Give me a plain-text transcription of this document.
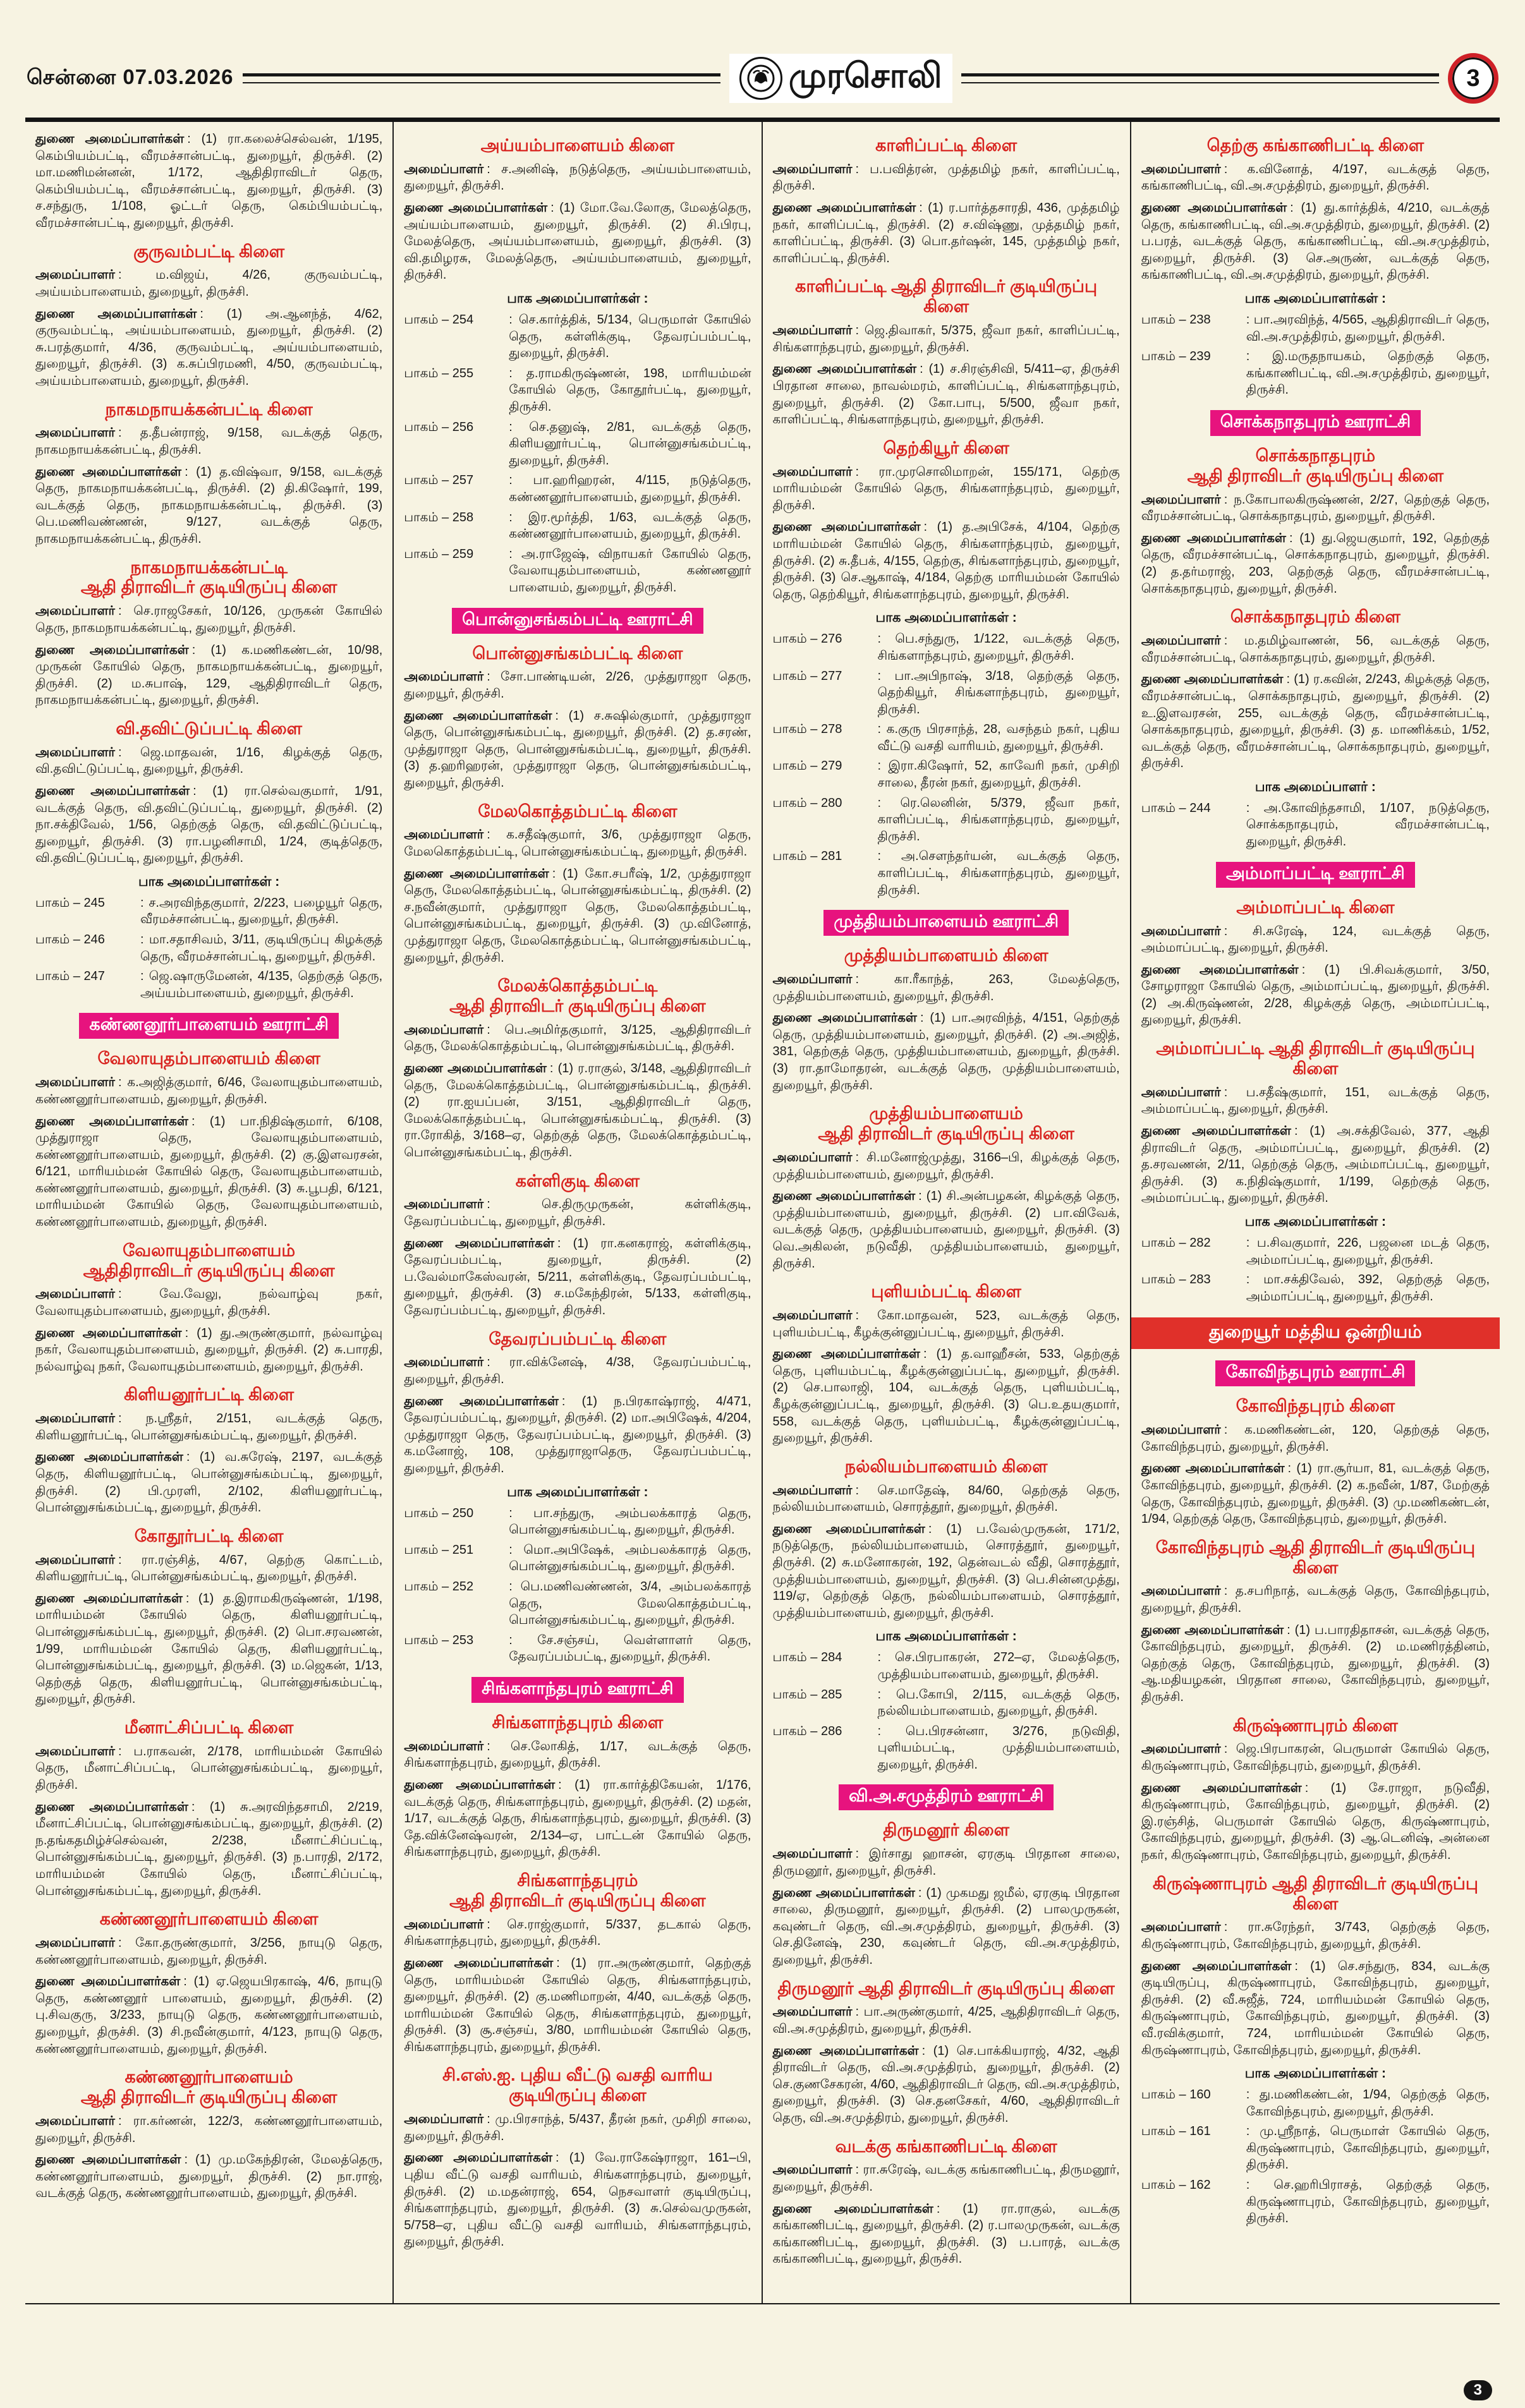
சென்னை 07.03.2026	முரசொலி	3

துணை அமைப்பாளர்கள் : (1) ரா.கலைச்செல்வன், 1/195, கெம்பியம்பட்டி, வீரமச்சான்பட்டி, துறையூர், திருச்சி. (2) மா.மணிமன்னன், 1/172, ஆதிதிராவிடர் தெரு, கெம்பியம்பட்டி, வீரமச்சான்பட்டி, துறையூர், திருச்சி. (3) ச.சந்துரு, 1/108, ஓட்டர் தெரு, கெம்பியம்பட்டி, வீரமச்சான்பட்டி, துறையூர், திருச்சி.

குருவம்பட்டி கிளை

அமைப்பாளர் : ம.விஜய், 4/26, குருவம்பட்டி, அய்யம்பாளையம், துறையூர், திருச்சி.

துணை அமைப்பாளர்கள் : (1) அ.ஆனந்த், 4/62, குருவம்பட்டி, அய்யம்பாளையம், துறையூர், திருச்சி. (2) சு.பரத்குமார், 4/36, குருவம்பட்டி, அய்யம்பாளையம், துறையூர், திருச்சி. (3) க.சுப்பிரமணி, 4/50, குருவம்பட்டி, அய்யம்பாளையம், துறையூர், திருச்சி.

நாகமநாயக்கன்பட்டி கிளை

அமைப்பாளர் : த.தீபன்ராஜ், 9/158, வடக்குத் தெரு, நாகமநாயக்கன்பட்டி, திருச்சி.

துணை அமைப்பாளர்கள் : (1) த.விஷ்வா, 9/158, வடக்குத் தெரு, நாகமநாயக்கன்பட்டி, திருச்சி. (2) தி.கிஷோர், 199, வடக்குத் தெரு, நாகமநாயக்கன்பட்டி, திருச்சி. (3) பெ.மணிவண்ணன், 9/127, வடக்குத் தெரு, நாகமநாயக்கன்பட்டி, திருச்சி.

நாகமநாயக்கன்பட்டி
ஆதி திராவிடர் குடியிருப்பு கிளை

அமைப்பாளர் : செ.ராஜசேகர், 10/126, முருகன் கோயில் தெரு, நாகமநாயக்கன்பட்டி, துறையூர், திருச்சி.

துணை அமைப்பாளர்கள் : (1) க.மணிகண்டன், 10/98, முருகன் கோயில் தெரு, நாகமநாயக்கன்பட்டி, துறையூர், திருச்சி. (2) ம.சுபாஷ், 129, ஆதிதிராவிடர் தெரு, நாகமநாயக்கன்பட்டி, துறையூர், திருச்சி.

வி.தவிட்டுப்பட்டி கிளை

அமைப்பாளர் : ஜெ.மாதவன், 1/16, கிழக்குத் தெரு, வி.தவிட்டுப்பட்டி, துறையூர், திருச்சி.

துணை அமைப்பாளர்கள் : (1) ரா.செல்வகுமார், 1/91, வடக்குத் தெரு, வி.தவிட்டுப்பட்டி, துறையூர், திருச்சி. (2) நா.சக்திவேல், 1/56, தெற்குத் தெரு, வி.தவிட்டுப்பட்டி, துறையூர், திருச்சி. (3) ரா.பழனிசாமி, 1/24, குடித்தெரு, வி.தவிட்டுப்பட்டி, துறையூர், திருச்சி.

பாக அமைப்பாளர்கள் :
பாகம் – 245	: ச.அரவிந்தகுமார், 2/223, பழையூர் தெரு, வீரமச்சான்பட்டி, துறையூர், திருச்சி.
பாகம் – 246	: மா.சதாசிவம், 3/11, குடியிருப்பு கிழக்குத் தெரு, வீரமச்சான்பட்டி, துறையூர், திருச்சி.
பாகம் – 247	: ஜெ.ஷாருமேனன், 4/135, தெற்குத் தெரு, அய்யம்பாளையம், துறையூர், திருச்சி.
கண்ணனூர்பாளையம் ஊராட்சி
வேலாயுதம்பாளையம் கிளை

அமைப்பாளர் : க.அஜித்குமார், 6/46, வேலாயுதம்பாளையம், கண்ணனூர்பாளையம், துறையூர், திருச்சி.

துணை அமைப்பாளர்கள் : (1) பா.நிதிஷ்குமார், 6/108, முத்துராஜா தெரு, வேலாயுதம்பாளையம், கண்ணனூர்பாளையம், துறையூர், திருச்சி. (2) கு.இளவரசன், 6/121, மாரியம்மன் கோயில் தெரு, வேலாயுதம்பாளையம், கண்ணனூர்பாளையம், துறையூர், திருச்சி. (3) சு.பூபதி, 6/121, மாரியம்மன் கோயில் தெரு, வேலாயுதம்பாளையம், கண்ணனூர்பாளையம், துறையூர், திருச்சி.

வேலாயுதம்பாளையம்
ஆதிதிராவிடர் குடியிருப்பு கிளை

அமைப்பாளர் : வே.வேலு, நல்வாழ்வு நகர், வேலாயுதம்பாளையம், துறையூர், திருச்சி.

துணை அமைப்பாளர்கள் : (1) து.அருண்குமார், நல்வாழ்வு நகர், வேலாயுதம்பாளையம், துறையூர், திருச்சி. (2) சு.பாரதி, நல்வாழ்வு நகர், வேலாயுதம்பாளையம், துறையூர், திருச்சி.

கிளியனூர்பட்டி கிளை

அமைப்பாளர் : ந.ஸ்ரீதர், 2/151, வடக்குத் தெரு, கிளியனூர்பட்டி, பொன்னுசங்கம்பட்டி, துறையூர், திருச்சி.

துணை அமைப்பாளர்கள் : (1) வ.சுரேஷ், 2197, வடக்குத் தெரு, கிளியனூர்பட்டி, பொன்னுசங்கம்பட்டி, துறையூர், திருச்சி. (2) பி.முரளி, 2/102, கிளியனூர்பட்டி, பொன்னுசங்கம்பட்டி, துறையூர், திருச்சி.

கோதூர்பட்டி கிளை

அமைப்பாளர் : ரா.ரஞ்சித், 4/67, தெற்கு கொட்டம், கிளியனூர்பட்டி, பொன்னுசங்கம்பட்டி, துறையூர், திருச்சி.

துணை அமைப்பாளர்கள் : (1) த.இராமகிருஷ்ணன், 1/198, மாரியம்மன் கோயில் தெரு, கிளியனூர்பட்டி, பொன்னுசங்கம்பட்டி, துறையூர், திருச்சி. (2) பொ.சரவணன், 1/99, மாரியம்மன் கோயில் தெரு, கிளியனூர்பட்டி, பொன்னுசங்கம்பட்டி, துறையூர், திருச்சி. (3) ம.ஜெகன், 1/13, தெற்குத் தெரு, கிளியனூர்பட்டி, பொன்னுசங்கம்பட்டி, துறையூர், திருச்சி.

மீனாட்சிப்பட்டி கிளை

அமைப்பாளர் : ப.ராகவன், 2/178, மாரியம்மன் கோயில் தெரு, மீனாட்சிப்பட்டி, பொன்னுசங்கம்பட்டி, துறையூர், திருச்சி.

துணை அமைப்பாளர்கள் : (1) சு.அரவிந்தசாமி, 2/219, மீனாட்சிப்பட்டி, பொன்னுசங்கம்பட்டி, துறையூர், திருச்சி. (2) ந.தங்கதமிழ்ச்செல்வன், 2/238, மீனாட்சிப்பட்டி, பொன்னுசங்கம்பட்டி, துறையூர், திருச்சி. (3) ந.பாரதி, 2/172, மாரியம்மன் கோயில் தெரு, மீனாட்சிப்பட்டி, பொன்னுசங்கம்பட்டி, துறையூர், திருச்சி.

கண்ணனூர்பாளையம் கிளை

அமைப்பாளர் : கோ.தருண்குமார், 3/256, நாயுடு தெரு, கண்ணனூர்பாளையம், துறையூர், திருச்சி.

துணை அமைப்பாளர்கள் : (1) ஏ.ஜெயபிரகாஷ், 4/6, நாயுடு தெரு, கண்ணனூர் பாளையம், துறையூர், திருச்சி. (2) பு.சிவகுரு, 3/233, நாயுடு தெரு, கண்ணனூர்பாளையம், துறையூர், திருச்சி. (3) சி.நவீன்குமார், 4/123, நாயுடு தெரு, கண்ணனூர்பாளையம், துறையூர், திருச்சி.

கண்ணனூர்பாளையம்
ஆதி திராவிடர் குடியிருப்பு கிளை

அமைப்பாளர் : ரா.கர்ணன், 122/3, கண்ணனூர்பாளையம், துறையூர், திருச்சி.

துணை அமைப்பாளர்கள் : (1) மு.மகேந்திரன், மேலத்தெரு, கண்ணனூர்பாளையம், துறையூர், திருச்சி. (2) நா.ராஜ், வடக்குத் தெரு, கண்ணனூர்பாளையம், துறையூர், திருச்சி.

அய்யம்பாளையம் கிளை

அமைப்பாளர் : ச.அனிஷ், நடுத்தெரு, அய்யம்பாளையம், துறையூர், திருச்சி.

துணை அமைப்பாளர்கள் : (1) மோ.வே.லோகு, மேலத்தெரு, அய்யம்பாளையம், துறையூர், திருச்சி. (2) சி.பிரபு, மேலத்தெரு, அய்யம்பாளையம், துறையூர், திருச்சி. (3) வி.தமிழரசு, மேலத்தெரு, அய்யம்பாளையம், துறையூர், திருச்சி.

பாக அமைப்பாளர்கள் :
பாகம் – 254	: செ.கார்த்திக், 5/134, பெருமாள் கோயில் தெரு, கள்ளிக்குடி, தேவரப்பம்பட்டி, துறையூர், திருச்சி.
பாகம் – 255	: த.ராமகிருஷ்ணன், 198, மாரியம்மன் கோயில் தெரு, கோதூர்பட்டி, துறையூர், திருச்சி.
பாகம் – 256	: செ.தனுஷ், 2/81, வடக்குத் தெரு, கிளியனூர்பட்டி, பொன்னுசங்கம்பட்டி, துறையூர், திருச்சி.
பாகம் – 257	: பா.ஹரிஹரன், 4/115, நடுத்தெரு, கண்ணனூர்பாளையம், துறையூர், திருச்சி.
பாகம் – 258	: இர.மூர்த்தி, 1/63, வடக்குத் தெரு, கண்ணனூர்பாளையம், துறையூர், திருச்சி.
பாகம் – 259	: அ.ராஜேஷ், விநாயகர் கோயில் தெரு, வேலாயுதம்பாளையம், கண்ணனூர் பாளையம், துறையூர், திருச்சி.
பொன்னுசங்கம்பட்டி ஊராட்சி
பொன்னுசங்கம்பட்டி கிளை

அமைப்பாளர் : சோ.பாண்டியன், 2/26, முத்துராஜா தெரு, துறையூர், திருச்சி.

துணை அமைப்பாளர்கள் : (1) ச.சுஷில்குமார், முத்துராஜா தெரு, பொன்னுசங்கம்பட்டி, துறையூர், திருச்சி. (2) த.சரண், முத்துராஜா தெரு, பொன்னுசங்கம்பட்டி, துறையூர், திருச்சி. (3) த.ஹரிஹரன், முத்துராஜா தெரு, பொன்னுசங்கம்பட்டி, துறையூர், திருச்சி.

மேலகொத்தம்பட்டி கிளை

அமைப்பாளர் : க.சதீஷ்குமார், 3/6, முத்துராஜா தெரு, மேலகொத்தம்பட்டி, பொன்னுசங்கம்பட்டி, துறையூர், திருச்சி.

துணை அமைப்பாளர்கள் : (1) கோ.சபரீஷ், 1/2, முத்துராஜா தெரு, மேலகொத்தம்பட்டி, பொன்னுசங்கம்பட்டி, திருச்சி. (2) ச.நவீன்குமார், முத்துராஜா தெரு, மேலகொத்தம்பட்டி, பொன்னுசங்கம்பட்டி, துறையூர், திருச்சி. (3) மு.வினோத், முத்துராஜா தெரு, மேலகொத்தம்பட்டி, பொன்னுசங்கம்பட்டி, துறையூர், திருச்சி.

மேலக்கொத்தம்பட்டி
ஆதி திராவிடர் குடியிருப்பு கிளை

அமைப்பாளர் : பெ.அமிர்தகுமார், 3/125, ஆதிதிராவிடர் தெரு, மேலக்கொத்தம்பட்டி, பொன்னுசங்கம்பட்டி, திருச்சி.

துணை அமைப்பாளர்கள் : (1) ர.ராகுல், 3/148, ஆதிதிராவிடர் தெரு, மேலக்கொத்தம்பட்டி, பொன்னுசங்கம்பட்டி, திருச்சி. (2) ரா.ஐயப்பன், 3/151, ஆதிதிராவிடர் தெரு, மேலக்கொத்தம்பட்டி, பொன்னுசங்கம்பட்டி, திருச்சி. (3) ரா.ரோகித், 3/168–ஏ, தெற்குத் தெரு, மேலக்கொத்தம்பட்டி, பொன்னுசங்கம்பட்டி, திருச்சி.

கள்ளிகுடி கிளை

அமைப்பாளர் : செ.திருமுருகன், கள்ளிக்குடி, தேவரப்பம்பட்டி, துறையூர், திருச்சி.

துணை அமைப்பாளர்கள் : (1) ரா.கனகராஜ், கள்ளிக்குடி, தேவரப்பம்பட்டி, துறையூர், திருச்சி. (2) ப.வேல்மாகேஸ்வரன், 5/211, கள்ளிக்குடி, தேவரப்பம்பட்டி, துறையூர், திருச்சி. (3) ச.மகேந்திரன், 5/133, கள்ளிகுடி, தேவரப்பம்பட்டி, துறையூர், திருச்சி.

தேவரப்பம்பட்டி கிளை

அமைப்பாளர் : ரா.விக்னேஷ், 4/38, தேவரப்பம்பட்டி, துறையூர், திருச்சி.

துணை அமைப்பாளர்கள் : (1) ந.பிரகாஷ்ராஜ், 4/471, தேவரப்பம்பட்டி, துறையூர், திருச்சி. (2) மா.அபிஷேக், 4/204, முத்துராஜா தெரு, தேவரப்பம்பட்டி, துறையூர், திருச்சி. (3) க.மனோஜ், 108, முத்துராஜாதெரு, தேவரப்பம்பட்டி, துறையூர், திருச்சி.

பாக அமைப்பாளர்கள் :
பாகம் – 250	: பா.சந்துரு, அம்பலக்காரத் தெரு, பொன்னுசங்கம்பட்டி, துறையூர், திருச்சி.
பாகம் – 251	: மொ.அபிஷேக், அம்பலக்காரத் தெரு, பொன்னுசங்கம்பட்டி, துறையூர், திருச்சி.
பாகம் – 252	: பெ.மணிவண்ணன், 3/4, அம்பலக்காரத் தெரு, மேலகொத்தம்பட்டி, பொன்னுசங்கம்பட்டி, துறையூர், திருச்சி.
பாகம் – 253	: சே.சஞ்சய், வெள்ளாளர் தெரு, தேவரப்பம்பட்டி, துறையூர், திருச்சி.
சிங்களாந்தபுரம் ஊராட்சி
சிங்களாந்தபுரம் கிளை

அமைப்பாளர் : செ.லோகித், 1/17, வடக்குத் தெரு, சிங்களாந்தபுரம், துறையூர், திருச்சி.

துணை அமைப்பாளர்கள் : (1) ரா.கார்த்திகேயன், 1/176, வடக்குத் தெரு, சிங்களாந்தபுரம், துறையூர், திருச்சி. (2) மதன், 1/17, வடக்குத் தெரு, சிங்களாந்தபுரம், துறையூர், திருச்சி. (3) தே.விக்னேஷ்வரன், 2/134–ஏ, பாட்டன் கோயில் தெரு, சிங்களாந்தபுரம், துறையூர், திருச்சி.

சிங்களாந்தபுரம்
ஆதி திராவிடர் குடியிருப்பு கிளை

அமைப்பாளர் : செ.ராஜ்குமார், 5/337, தடகால் தெரு, சிங்களாந்தபுரம், துறையூர், திருச்சி.

துணை அமைப்பாளர்கள் : (1) ரா.அருண்குமார், தெற்குத் தெரு, மாரியம்மன் கோயில் தெரு, சிங்களாந்தபுரம், துறையூர், திருச்சி. (2) கு.மணிமாறன், 4/40, வடக்குத் தெரு, மாரியம்மன் கோயில் தெரு, சிங்களாந்தபுரம், துறையூர், திருச்சி. (3) சூ.சஞ்சய், 3/80, மாரியம்மன் கோயில் தெரு, சிங்களாந்தபுரம், துறையூர், திருச்சி.

சி.எஸ்.ஐ. புதிய வீட்டு வசதி வாரிய குடியிருப்பு கிளை

அமைப்பாளர் : மு.பிரசாந்த், 5/437, தீரன் நகர், முசிறி சாலை, துறையூர், திருச்சி.

துணை அமைப்பாளர்கள் : (1) வே.ராகேஷ்ராஜா, 161–பி, புதிய வீட்டு வசதி வாரியம், சிங்களாந்தபுரம், துறையூர், திருச்சி. (2) ம.மதன்ராஜ், 654, நெசவாளர் குடியிருப்பு, சிங்களாந்தபுரம், துறையூர், திருச்சி. (3) சு.செல்வமுருகன், 5/758–ஏ, புதிய வீட்டு வசதி வாரியம், சிங்களாந்தபுரம், துறையூர், திருச்சி.

காளிப்பட்டி கிளை

அமைப்பாளர் : ப.பவித்ரன், முத்தமிழ் நகர், காளிப்பட்டி, திருச்சி.

துணை அமைப்பாளர்கள் : (1) ர.பார்த்தசாரதி, 436, முத்தமிழ் நகர், காளிப்பட்டி, திருச்சி. (2) ச.விஷ்ணு, முத்தமிழ் நகர், காளிப்பட்டி, திருச்சி. (3) பொ.தர்ஷன், 145, முத்தமிழ் நகர், காளிப்பட்டி, திருச்சி.

காளிப்பட்டி ஆதி திராவிடர் குடியிருப்பு கிளை

அமைப்பாளர் : ஜெ.திவாகர், 5/375, ஜீவா நகர், காளிப்பட்டி, சிங்களாந்தபுரம், துறையூர், திருச்சி.

துணை அமைப்பாளர்கள் : (1) ச.சிரஞ்சிவி, 5/411–ஏ, திருச்சி பிரதான சாலை, நாவல்மரம், காளிப்பட்டி, சிங்களாந்தபுரம், துறையூர், திருச்சி. (2) கோ.பாபு, 5/500, ஜீவா நகர், காளிப்பட்டி, சிங்களாந்தபுரம், துறையூர், திருச்சி.

தெற்கியூர் கிளை

அமைப்பாளர் : ரா.முரசொலிமாறன், 155/171, தெற்கு மாரியம்மன் கோயில் தெரு, சிங்களாந்தபுரம், துறையூர், திருச்சி.

துணை அமைப்பாளர்கள் : (1) த.அபிசேக், 4/104, தெற்கு மாரியம்மன் கோயில் தெரு, சிங்களாந்தபுரம், துறையூர், திருச்சி. (2) சு.தீபக், 4/155, தெற்கு, சிங்களாந்தபுரம், துறையூர், திருச்சி. (3) செ.ஆகாஷ், 4/184, தெற்கு மாரியம்மன் கோயில் தெரு, தெற்கியூர், சிங்களாந்தபுரம், துறையூர், திருச்சி.

பாக அமைப்பாளர்கள் :
பாகம் – 276	: பெ.சந்துரு, 1/122, வடக்குத் தெரு, சிங்களாந்தபுரம், துறையூர், திருச்சி.
பாகம் – 277	: பா.அபிநாஷ், 3/18, தெற்குத் தெரு, தெற்கியூர், சிங்களாந்தபுரம், துறையூர், திருச்சி.
பாகம் – 278	: க.குரு பிரசாந்த், 28, வசந்தம் நகர், புதிய வீட்டு வசதி வாரியம், துறையூர், திருச்சி.
பாகம் – 279	: இரா.கிஷோர், 52, காவேரி நகர், முசிறி சாலை, தீரன் நகர், துறையூர், திருச்சி.
பாகம் – 280	: ரெ.லெனின், 5/379, ஜீவா நகர், காளிப்பட்டி, சிங்களாந்தபுரம், துறையூர், திருச்சி.
பாகம் – 281	: அ.சௌந்தர்யன், வடக்குத் தெரு, காளிப்பட்டி, சிங்களாந்தபுரம், துறையூர், திருச்சி.
முத்தியம்பாளையம் ஊராட்சி
முத்தியம்பாளையம் கிளை

அமைப்பாளர் : கா.ரீகாந்த், 263, மேலத்தெரு, முத்தியம்பாளையம், துறையூர், திருச்சி.

துணை அமைப்பாளர்கள் : (1) பா.அரவிந்த், 4/151, தெற்குத் தெரு, முத்தியம்பாளையம், துறையூர், திருச்சி. (2) அ.அஜித், 381, தெற்குத் தெரு, முத்தியம்பாளையம், துறையூர், திருச்சி. (3) ரா.தாமோதரன், வடக்குத் தெரு, முத்தியம்பாளையம், துறையூர், திருச்சி.

முத்தியம்பாளையம்
ஆதி திராவிடர் குடியிருப்பு கிளை

அமைப்பாளர் : சி.மனோஜ்முத்து, 3166–பி, கிழக்குத் தெரு, முத்தியம்பாளையம், துறையூர், திருச்சி.

துணை அமைப்பாளர்கள் : (1) சி.அன்பழகன், கிழக்குத் தெரு, முத்தியம்பாளையம், துறையூர், திருச்சி. (2) பா.விவேக், வடக்குத் தெரு, முத்தியம்பாளையம், துறையூர், திருச்சி. (3) வெ.அகிலன், நடுவீதி, முத்தியம்பாளையம், துறையூர், திருச்சி.

புளியம்பட்டி கிளை

அமைப்பாளர் : கோ.மாதவன், 523, வடக்குத் தெரு, புளியம்பட்டி, கீழக்குன்னுப்பட்டி, துறையூர், திருச்சி.

துணை அமைப்பாளர்கள் : (1) த.வாஹீசன், 533, தெற்குத் தெரு, புளியம்பட்டி, கீழக்குன்னுப்பட்டி, துறையூர், திருச்சி. (2) செ.பாலாஜி, 104, வடக்குத் தெரு, புளியம்பட்டி, கீழக்குன்னுப்பட்டி, துறையூர், திருச்சி. (3) பெ.உதயகுமார், 558, வடக்குத் தெரு, புளியம்பட்டி, கீழக்குன்னுப்பட்டி, துறையூர், திருச்சி.

நல்லியம்பாளையம் கிளை

அமைப்பாளர் : செ.மாதேஷ், 84/60, தெற்குத் தெரு, நல்லியம்பாளையம், சொரத்தூர், துறையூர், திருச்சி.

துணை அமைப்பாளர்கள் : (1) ப.வேல்முருகன், 171/2, நடுத்தெரு, நல்லியம்பாளையம், சொரத்தூர், துறையூர், திருச்சி. (2) சு.மனோகரன், 192, தென்வடல் வீதி, சொரத்தூர், முத்தியம்பாளையம், துறையூர், திருச்சி. (3) பெ.சின்னமுத்து, 119/ஏ, தெற்குத் தெரு, நல்லியம்பாளையம், சொரத்தூர், முத்தியம்பாளையம், துறையூர், திருச்சி.

பாக அமைப்பாளர்கள் :
பாகம் – 284	: செ.பிரபாகரன், 272–ஏ, மேலத்தெரு, முத்தியம்பாளையம், துறையூர், திருச்சி.
பாகம் – 285	: பெ.கோபி, 2/115, வடக்குத் தெரு, நல்லியம்பாளையம், துறையூர், திருச்சி.
பாகம் – 286	: பெ.பிரசன்னா, 3/276, நடுவிதி, புளியம்பட்டி, முத்தியம்பாளையம், துறையூர், திருச்சி.
வி.அ.சமுத்திரம் ஊராட்சி
திருமனூர் கிளை

அமைப்பாளர் : இர்சாது ஹாசன், ஏரகுடி பிரதான சாலை, திருமனூர், துறையூர், திருச்சி.

துணை அமைப்பாளர்கள் : (1) முகமது ஜமீல், ஏரகுடி பிரதான சாலை, திருமனூர், துறையூர், திருச்சி. (2) பாலமுருகன், கவுண்டர் தெரு, வி.அ.சமுத்திரம், துறையூர், திருச்சி. (3) செ.தினேஷ், 230, கவுண்டர் தெரு, வி.அ.சமுத்திரம், துறையூர், திருச்சி.

திருமனூர் ஆதி திராவிடர் குடியிருப்பு கிளை

அமைப்பாளர் : பா.அருண்குமார், 4/25, ஆதிதிராவிடர் தெரு, வி.அ.சமுத்திரம், துறையூர், திருச்சி.

துணை அமைப்பாளர்கள் : (1) செ.பாக்கியராஜ், 4/32, ஆதி திராவிடர் தெரு, வி.அ.சமுத்திரம், துறையூர், திருச்சி. (2) செ.குணசேகரன், 4/60, ஆதிதிராவிடர் தெரு, வி.அ.சமுத்திரம், துறையூர், திருச்சி. (3) செ.தனசேகர், 4/60, ஆதிதிராவிடர் தெரு, வி.அ.சமுத்திரம், துறையூர், திருச்சி.

வடக்கு கங்காணிபட்டி கிளை

அமைப்பாளர் : ரா.சுரேஷ், வடக்கு கங்காணிபட்டி, திருமனூர், துறையூர், திருச்சி.

துணை அமைப்பாளர்கள் : (1) ரா.ராகுல், வடக்கு கங்காணிபட்டி, துறையூர், திருச்சி. (2) ர.பாலமுருகன், வடக்கு கங்காணிபட்டி, துறையூர், திருச்சி. (3) ப.பாரத், வடக்கு கங்காணிபட்டி, துறையூர், திருச்சி.

தெற்கு கங்காணிபட்டி கிளை

அமைப்பாளர் : க.வினோத், 4/197, வடக்குத் தெரு, கங்காணிபட்டி, வி.அ.சமுத்திரம், துறையூர், திருச்சி.

துணை அமைப்பாளர்கள் : (1) து.கார்த்திக், 4/210, வடக்குத் தெரு, கங்காணிபட்டி, வி.அ.சமுத்திரம், துறையூர், திருச்சி. (2) ப.பரத், வடக்குத் தெரு, கங்காணிபட்டி, வி.அ.சமுத்திரம், துறையூர், திருச்சி. (3) செ.அருண், வடக்குத் தெரு, கங்காணிபட்டி, வி.அ.சமுத்திரம், துறையூர், திருச்சி.

பாக அமைப்பாளர்கள் :
பாகம் – 238	: பா.அரவிந்த், 4/565, ஆதிதிராவிடர் தெரு, வி.அ.சமுத்திரம், துறையூர், திருச்சி.
பாகம் – 239	: இ.மருதநாயகம், தெற்குத் தெரு, கங்காணிபட்டி, வி.அ.சமுத்திரம், துறையூர், திருச்சி.
சொக்கநாதபுரம் ஊராட்சி
சொக்கநாதபுரம்
ஆதி திராவிடர் குடியிருப்பு கிளை

அமைப்பாளர் : ந.கோபாலகிருஷ்ணன், 2/27, தெற்குத் தெரு, வீரமச்சான்பட்டி, சொக்கநாதபுரம், துறையூர், திருச்சி.

துணை அமைப்பாளர்கள் : (1) து.ஜெயகுமார், 192, தெற்குத் தெரு, வீரமச்சான்பட்டி, சொக்கநாதபுரம், துறையூர், திருச்சி. (2) த.தர்மராஜ், 203, தெற்குத் தெரு, வீரமச்சான்பட்டி, சொக்கநாதபுரம், துறையூர், திருச்சி.

சொக்கநாதபுரம் கிளை

அமைப்பாளர் : ம.தமிழ்வாணன், 56, வடக்குத் தெரு, வீரமச்சான்பட்டி, சொக்கநாதபுரம், துறையூர், திருச்சி.

துணை அமைப்பாளர்கள் : (1) ர.கவின், 2/243, கிழக்குத் தெரு, வீரமச்சான்பட்டி, சொக்கநாதபுரம், துறையூர், திருச்சி. (2) உ.இளவரசன், 255, வடக்குத் தெரு, வீரமச்சான்பட்டி, சொக்கநாதபுரம், துறையூர், திருச்சி. (3) த. மாணிக்கம், 1/52, வடக்குத் தெரு, வீரமச்சான்பட்டி, சொக்கநாதபுரம், துறையூர், திருச்சி.

பாக அமைப்பாளர் :
பாகம் – 244	: அ.கோவிந்தசாமி, 1/107, நடுத்தெரு, சொக்கநாதபுரம், வீரமச்சான்பட்டி, துறையூர், திருச்சி.
அம்மாப்பட்டி ஊராட்சி
அம்மாப்பட்டி கிளை

அமைப்பாளர் : சி.சுரேஷ், 124, வடக்குத் தெரு, அம்மாப்பட்டி, துறையூர், திருச்சி.

துணை அமைப்பாளர்கள் : (1) பி.சிவக்குமார், 3/50, சோழராஜா கோயில் தெரு, அம்மாப்பட்டி, துறையூர், திருச்சி. (2) அ.கிருஷ்ணன், 2/28, கிழக்குத் தெரு, அம்மாப்பட்டி, துறையூர், திருச்சி.

அம்மாப்பட்டி ஆதி திராவிடர் குடியிருப்பு கிளை

அமைப்பாளர் : ப.சதீஷ்குமார், 151, வடக்குத் தெரு, அம்மாப்பட்டி, துறையூர், திருச்சி.

துணை அமைப்பாளர்கள் : (1) அ.சக்திவேல், 377, ஆதி திராவிடர் தெரு, அம்மாப்பட்டி, துறையூர், திருச்சி. (2) த.சரவணன், 2/11, தெற்குத் தெரு, அம்மாப்பட்டி, துறையூர், திருச்சி. (3) க.நிதிஷ்குமார், 1/199, தெற்குத் தெரு, அம்மாப்பட்டி, துறையூர், திருச்சி.

பாக அமைப்பாளர்கள் :
பாகம் – 282	: ப.சிவகுமார், 226, பஜனை மடத் தெரு, அம்மாப்பட்டி, துறையூர், திருச்சி.
பாகம் – 283	: மா.சக்திவேல், 392, தெற்குத் தெரு, அம்மாப்பட்டி, துறையூர், திருச்சி.
துறையூர் மத்திய ஒன்றியம்
கோவிந்தபுரம் ஊராட்சி
கோவிந்தபுரம் கிளை

அமைப்பாளர் : க.மணிகண்டன், 120, தெற்குத் தெரு, கோவிந்தபுரம், துறையூர், திருச்சி.

துணை அமைப்பாளர்கள் : (1) ரா.சூர்யா, 81, வடக்குத் தெரு, கோவிந்தபுரம், துறையூர், திருச்சி. (2) க.நவீன், 1/87, மேற்குத் தெரு, கோவிந்தபுரம், துறையூர், திருச்சி. (3) மு.மணிகண்டன், 1/94, தெற்குத் தெரு, கோவிந்தபுரம், துறையூர், திருச்சி.

கோவிந்தபுரம் ஆதி திராவிடர் குடியிருப்பு கிளை

அமைப்பாளர் : த.சபரிநாத், வடக்குத் தெரு, கோவிந்தபுரம், துறையூர், திருச்சி.

துணை அமைப்பாளர்கள் : (1) ப.பாரதிதாசன், வடக்குத் தெரு, கோவிந்தபுரம், துறையூர், திருச்சி. (2) ம.மணிரத்தினம், தெற்குத் தெரு, கோவிந்தபுரம், துறையூர், திருச்சி. (3) ஆ.மதியழகன், பிரதான சாலை, கோவிந்தபுரம், துறையூர், திருச்சி.

கிருஷ்ணாபுரம் கிளை

அமைப்பாளர் : ஜெ.பிரபாகரன், பெருமாள் கோயில் தெரு, கிருஷ்ணாபுரம், கோவிந்தபுரம், துறையூர், திருச்சி.

துணை அமைப்பாளர்கள் : (1) சே.ராஜா, நடுவீதி, கிருஷ்ணாபுரம், கோவிந்தபுரம், துறையூர், திருச்சி. (2) இ.ரஞ்சித், பெருமாள் கோயில் தெரு, கிருஷ்ணாபுரம், கோவிந்தபுரம், துறையூர், திருச்சி. (3) ஆ.டெனிஷ், அன்னை நகர், கிருஷ்ணாபுரம், கோவிந்தபுரம், துறையூர், திருச்சி.

கிருஷ்ணாபுரம் ஆதி திராவிடர் குடியிருப்பு கிளை

அமைப்பாளர் : ரா.சுரேந்தர், 3/743, தெற்குத் தெரு, கிருஷ்ணாபுரம், கோவிந்தபுரம், துறையூர், திருச்சி.

துணை அமைப்பாளர்கள் : (1) செ.சந்துரு, 834, வடக்கு குடியிருப்பு, கிருஷ்ணாபுரம், கோவிந்தபுரம், துறையூர், திருச்சி. (2) வீ.சுஜீத், 724, மாரியம்மன் கோயில் தெரு, கிருஷ்ணாபுரம், கோவிந்தபுரம், துறையூர், திருச்சி. (3) வீ.ரவிக்குமார், 724, மாரியம்மன் கோயில் தெரு, கிருஷ்ணாபுரம், கோவிந்தபுரம், துறையூர், திருச்சி.

பாக அமைப்பாளர்கள் :
பாகம் – 160	: து.மணிகண்டன், 1/94, தெற்குத் தெரு, கோவிந்தபுரம், துறையூர், திருச்சி.
பாகம் – 161	: மு.ஸ்ரீநாத், பெருமாள் கோயில் தெரு, கிருஷ்ணாபுரம், கோவிந்தபுரம், துறையூர், திருச்சி.
பாகம் – 162	: செ.ஹரிபிராசத், தெற்குத் தெரு, கிருஷ்ணாபுரம், கோவிந்தபுரம், துறையூர், திருச்சி.
3
